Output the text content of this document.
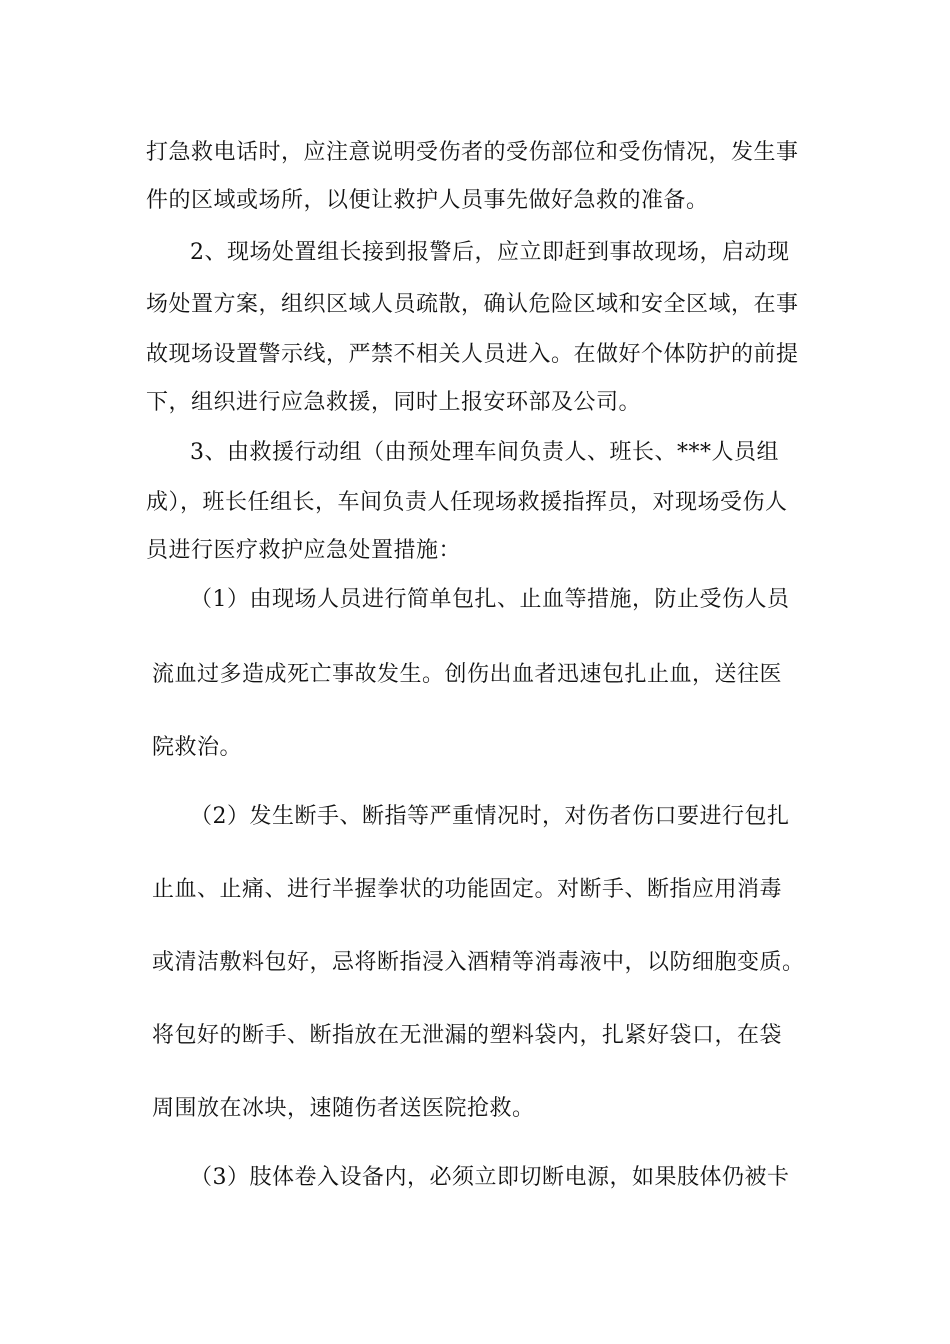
打急救电话时，应注意说明受伤者的受伤部位和受伤情况，发生事
件的区域或场所，以便让救护人员事先做好急救的准备。
2、现场处置组长接到报警后，应立即赶到事故现场，启动现
场处置方案，组织区域人员疏散，确认危险区域和安全区域，在事
故现场设置警示线，严禁不相关人员进入。在做好个体防护的前提
下，组织进行应急救援，同时上报安环部及公司。
3、由救援行动组（由预处理车间负责人、班长、***人员组
成），班长任组长，车间负责人任现场救援指挥员，对现场受伤人
员进行医疗救护应急处置措施：
（1）由现场人员进行简单包扎、止血等措施，防止受伤人员
流血过多造成死亡事故发生。创伤出血者迅速包扎止血，送往医
院救治。
（2）发生断手、断指等严重情况时，对伤者伤口要进行包扎
止血、止痛、进行半握拳状的功能固定。对断手、断指应用消毒
或清洁敷料包好，忌将断指浸入酒精等消毒液中，以防细胞变质。
将包好的断手、断指放在无泄漏的塑料袋内，扎紧好袋口，在袋
周围放在冰块，速随伤者送医院抢救。
（3）肢体卷入设备内，必须立即切断电源，如果肢体仍被卡
